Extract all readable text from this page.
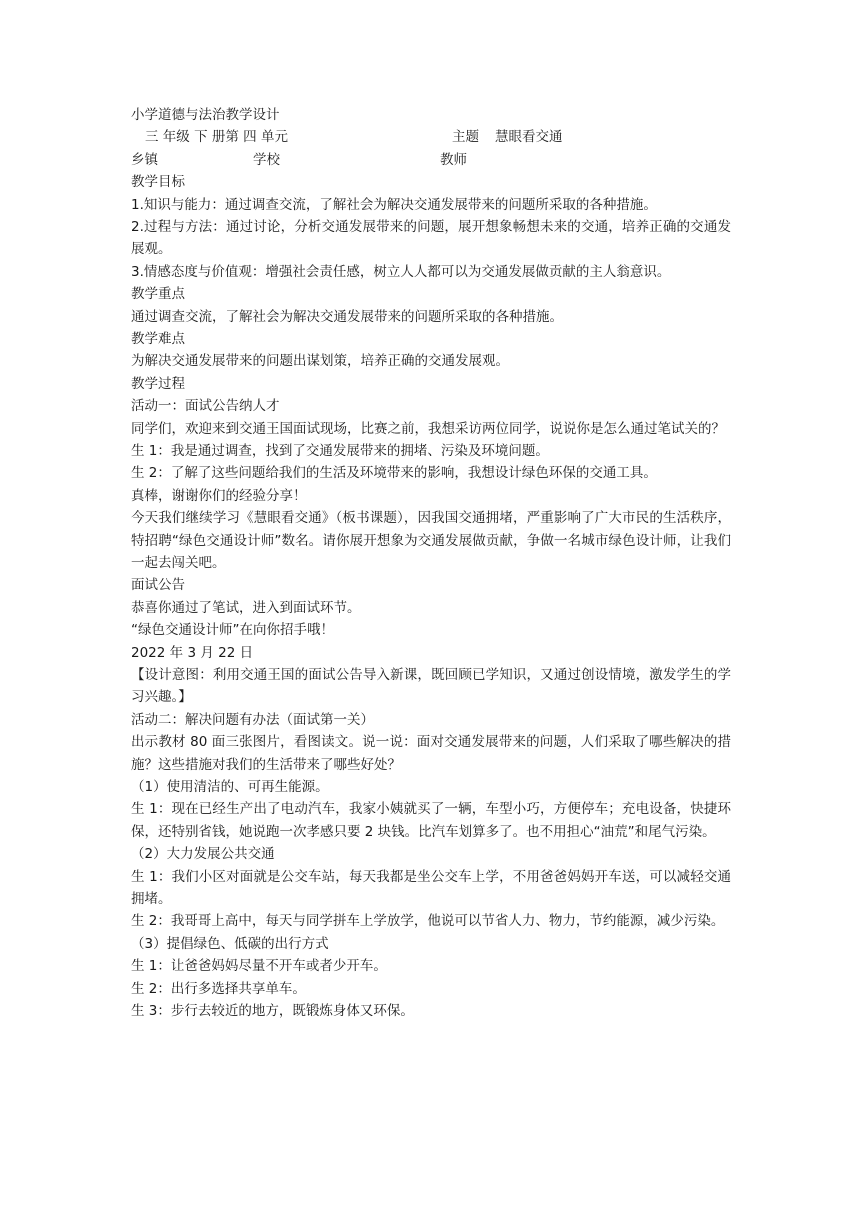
小学道德与法治教学设计
三 年级 下 册第 四 单元	主题 慧眼看交通
乡镇	学校	教师
教学目标
1.知识与能力：通过调查交流，了解社会为解决交通发展带来的问题所采取的各种措施。
2.过程与方法：通过讨论，分析交通发展带来的问题，展开想象畅想未来的交通，培养正确的交通发展观。
3.情感态度与价值观：增强社会责任感，树立人人都可以为交通发展做贡献的主人翁意识。
教学重点
通过调查交流，了解社会为解决交通发展带来的问题所采取的各种措施。
教学难点
为解决交通发展带来的问题出谋划策，培养正确的交通发展观。
教学过程
活动一：面试公告纳人才
同学们，欢迎来到交通王国面试现场，比赛之前，我想采访两位同学，说说你是怎么通过笔试关的？
生 1：我是通过调查，找到了交通发展带来的拥堵、污染及环境问题。
生 2：了解了这些问题给我们的生活及环境带来的影响，我想设计绿色环保的交通工具。
真棒，谢谢你们的经验分享！
今天我们继续学习《慧眼看交通》（板书课题），因我国交通拥堵，严重影响了广大市民的生活秩序，特招聘“绿色交通设计师”数名。请你展开想象为交通发展做贡献，争做一名城市绿色设计师，让我们一起去闯关吧。
面试公告
恭喜你通过了笔试，进入到面试环节。
“绿色交通设计师”在向你招手哦！
2022 年 3 月 22 日
【设计意图：利用交通王国的面试公告导入新课，既回顾已学知识，又通过创设情境，激发学生的学习兴趣。】
活动二：解决问题有办法（面试第一关）
出示教材 80 面三张图片，看图读文。说一说：面对交通发展带来的问题，人们采取了哪些解决的措施？这些措施对我们的生活带来了哪些好处？
（1）使用清洁的、可再生能源。
生 1：现在已经生产出了电动汽车，我家小姨就买了一辆，车型小巧，方便停车；充电设备，快捷环保，还特别省钱，她说跑一次孝感只要 2 块钱。比汽车划算多了。也不用担心“油荒”和尾气污染。
（2）大力发展公共交通
生 1：我们小区对面就是公交车站，每天我都是坐公交车上学，不用爸爸妈妈开车送，可以减轻交通拥堵。
生 2：我哥哥上高中，每天与同学拼车上学放学，他说可以节省人力、物力，节约能源，减少污染。
（3）提倡绿色、低碳的出行方式
生 1：让爸爸妈妈尽量不开车或者少开车。
生 2：出行多选择共享单车。
生 3：步行去较近的地方，既锻炼身体又环保。
